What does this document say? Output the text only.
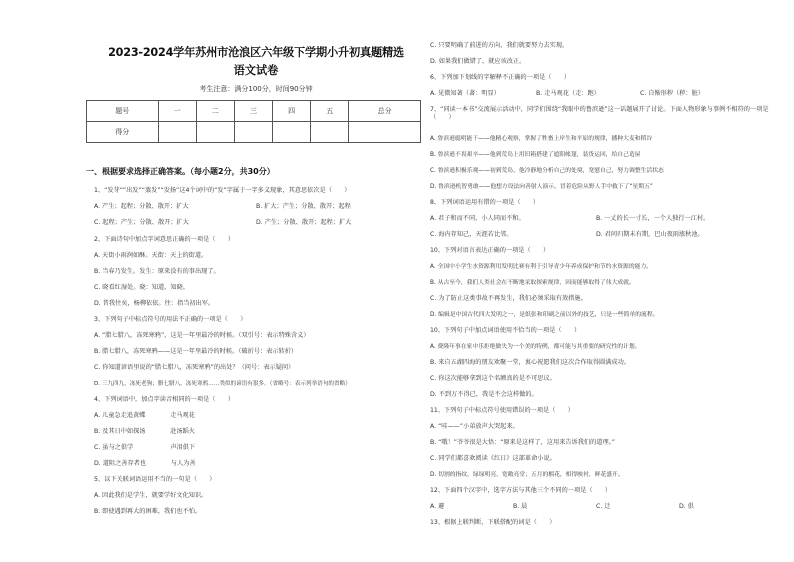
2023-2024学年苏州市沧浪区六年级下学期小升初真题精选
语文试卷
考生注意：满分100分，时间90分钟
题号	一	二	三	四	五	总分
得分						
一、根据要求选择正确答案。（每小题2分，共30分）
1、“发芽”“出发”“蒸发”“发扬”这4个词中的“发”字属于一字多义现象，其意思依次是（　　）
A. 产生；起程；分散、散开；扩大	B. 扩大；产生；分散、散开；起程
C. 起程；产生；分散、散开；扩大	D. 产生；分散、散开；起程；扩大
2、下面诗句中加点字词意思正确的一项是（　　）
A. 天街小雨润如酥。天街：天上的街道。
B. 当春乃发生。发生：原来没有的事出现了。
C. 晓看红湿处。晓：知道，知晓。
D. 昔我往矣，杨柳依依。往：指当初出军。
3、下列句子中标点符号的用法不正确的一项是（　　）
A. “腊七腊八，冻死寒鸦”，这是一年里最冷的时候。（双引号：表示特殊含义）
B. 腊七腊八，冻死寒鸦——这是一年里最冷的时候。（破折号：表示转折）
C. 你知道谚语里说的“腊七腊八，冻死寒鸦”的出处？（问号：表示疑问）
D. 三九四九，冻死老狗；腊七腊八，冻死寒鸦……类似的谚语有很多。（省略号：表示列举语句的省略）
4、下列词语中，加点字读音相同的一项是（　　）
A. 儿童急走追黄蝶　　　　走马观花
B. 及其日中如探汤　　　　赴汤蹈火
C. 虽与之俱学　　　　　　声泪俱下
D. 道阻之善存者也　　　　与人为善
5、以下关联词语运用不当的一句是（　　）
A. 因此我们是学生，就要学好文化知识。
B. 即使遇到再大的困难，我们也不怕。
C. 只要明确了前进的方向，我们就要努力去实现。
D. 如果我们做错了，就应该改正。
6、下列加下划线的字解释不正确的一项是（　　）
A. 见微知著（著：明显）	B. 走马观花（走：跑）	C. 自惭形秽（秽：脏）
7、“同读一本书”交流展示活动中，同学们围绕“我眼中的鲁滨逊”这一话题展开了讨论。下面人物形象与事例不相符的一项是（　　）
A. 鲁滨逊聪明能干——他精心观察，掌握了牲畜上岸生和平原的规律，播种大麦和稻谷
B. 鲁滨逊不畏艰辛——他到荒岛上用旧箱搭建了遮阳帐篷，装货运回，给自己造屋
C. 鲁滨逊积极乐观——初到荒岛，他冷静地分析自己的处境，宽慰自己，努力调整生活状态
D. 鲁滨逊机智勇敢——他想方设法向善射人演示，冒着危险从野人手中救下了“星期五”
8、下列词语运用有错的一项是（　　）
A. 君子和而不同，小人同而不和。	B. 一丈的长一寸长，一个人独行一江村。
C. 海内存知己，天涯若比邻。	D. 君问归期未有期，巴山夜雨涨秋池。
10、下列对语言表达正确的一项是（　　）
A. 全国中小学生水资源利用发明比赛有利于引导青少年养成保护和节约水资源的能力。
B. 从古至今，我们人类社会在不断地采取探索规律，因而能够取得了伟大成就。
C. 为了防止这类事故不再发生，我们必须采取有效措施。
D. 编辑是中国古代四大发明之一，是纸张和印刷之前以外的技艺，只是一些简单的流程。
10、下列句子中加点词语使用不恰当的一项是（　　）
A. 费隆年事在家中乐拒绝做失为一个美的特例，都可能与其重要的研究性的计划。
B. 来自五湖四海的朋友欢聚一堂，衷心祝愿我们这次合作取得圆满成功。
C. 你这次能够拿到这个名额真的是不可思议。
D. 不到万不得已，我是不会这样做的。
11、下列句子中标点符号使用错误的一项是（　　）
A. “哇——”小弟放声大哭起来。
B. “哦！”爷爷很是大悟：“原来是这样了，这用来告诉我们的道理。”
C. 同学们都喜欢阅读《红日》这部革命小说。
D. 切割的指纹，绿绿明亮，宽敞亮堂；五月的榴花，相得映衬，鲜花盛开。
12、下面四个汉字中，选字方法与其他三个不同的一项是（　　）
A. 避	B. 晨	C. 迁	D. 俱
13、根据上联判断，下联搭配的词是（　　）
